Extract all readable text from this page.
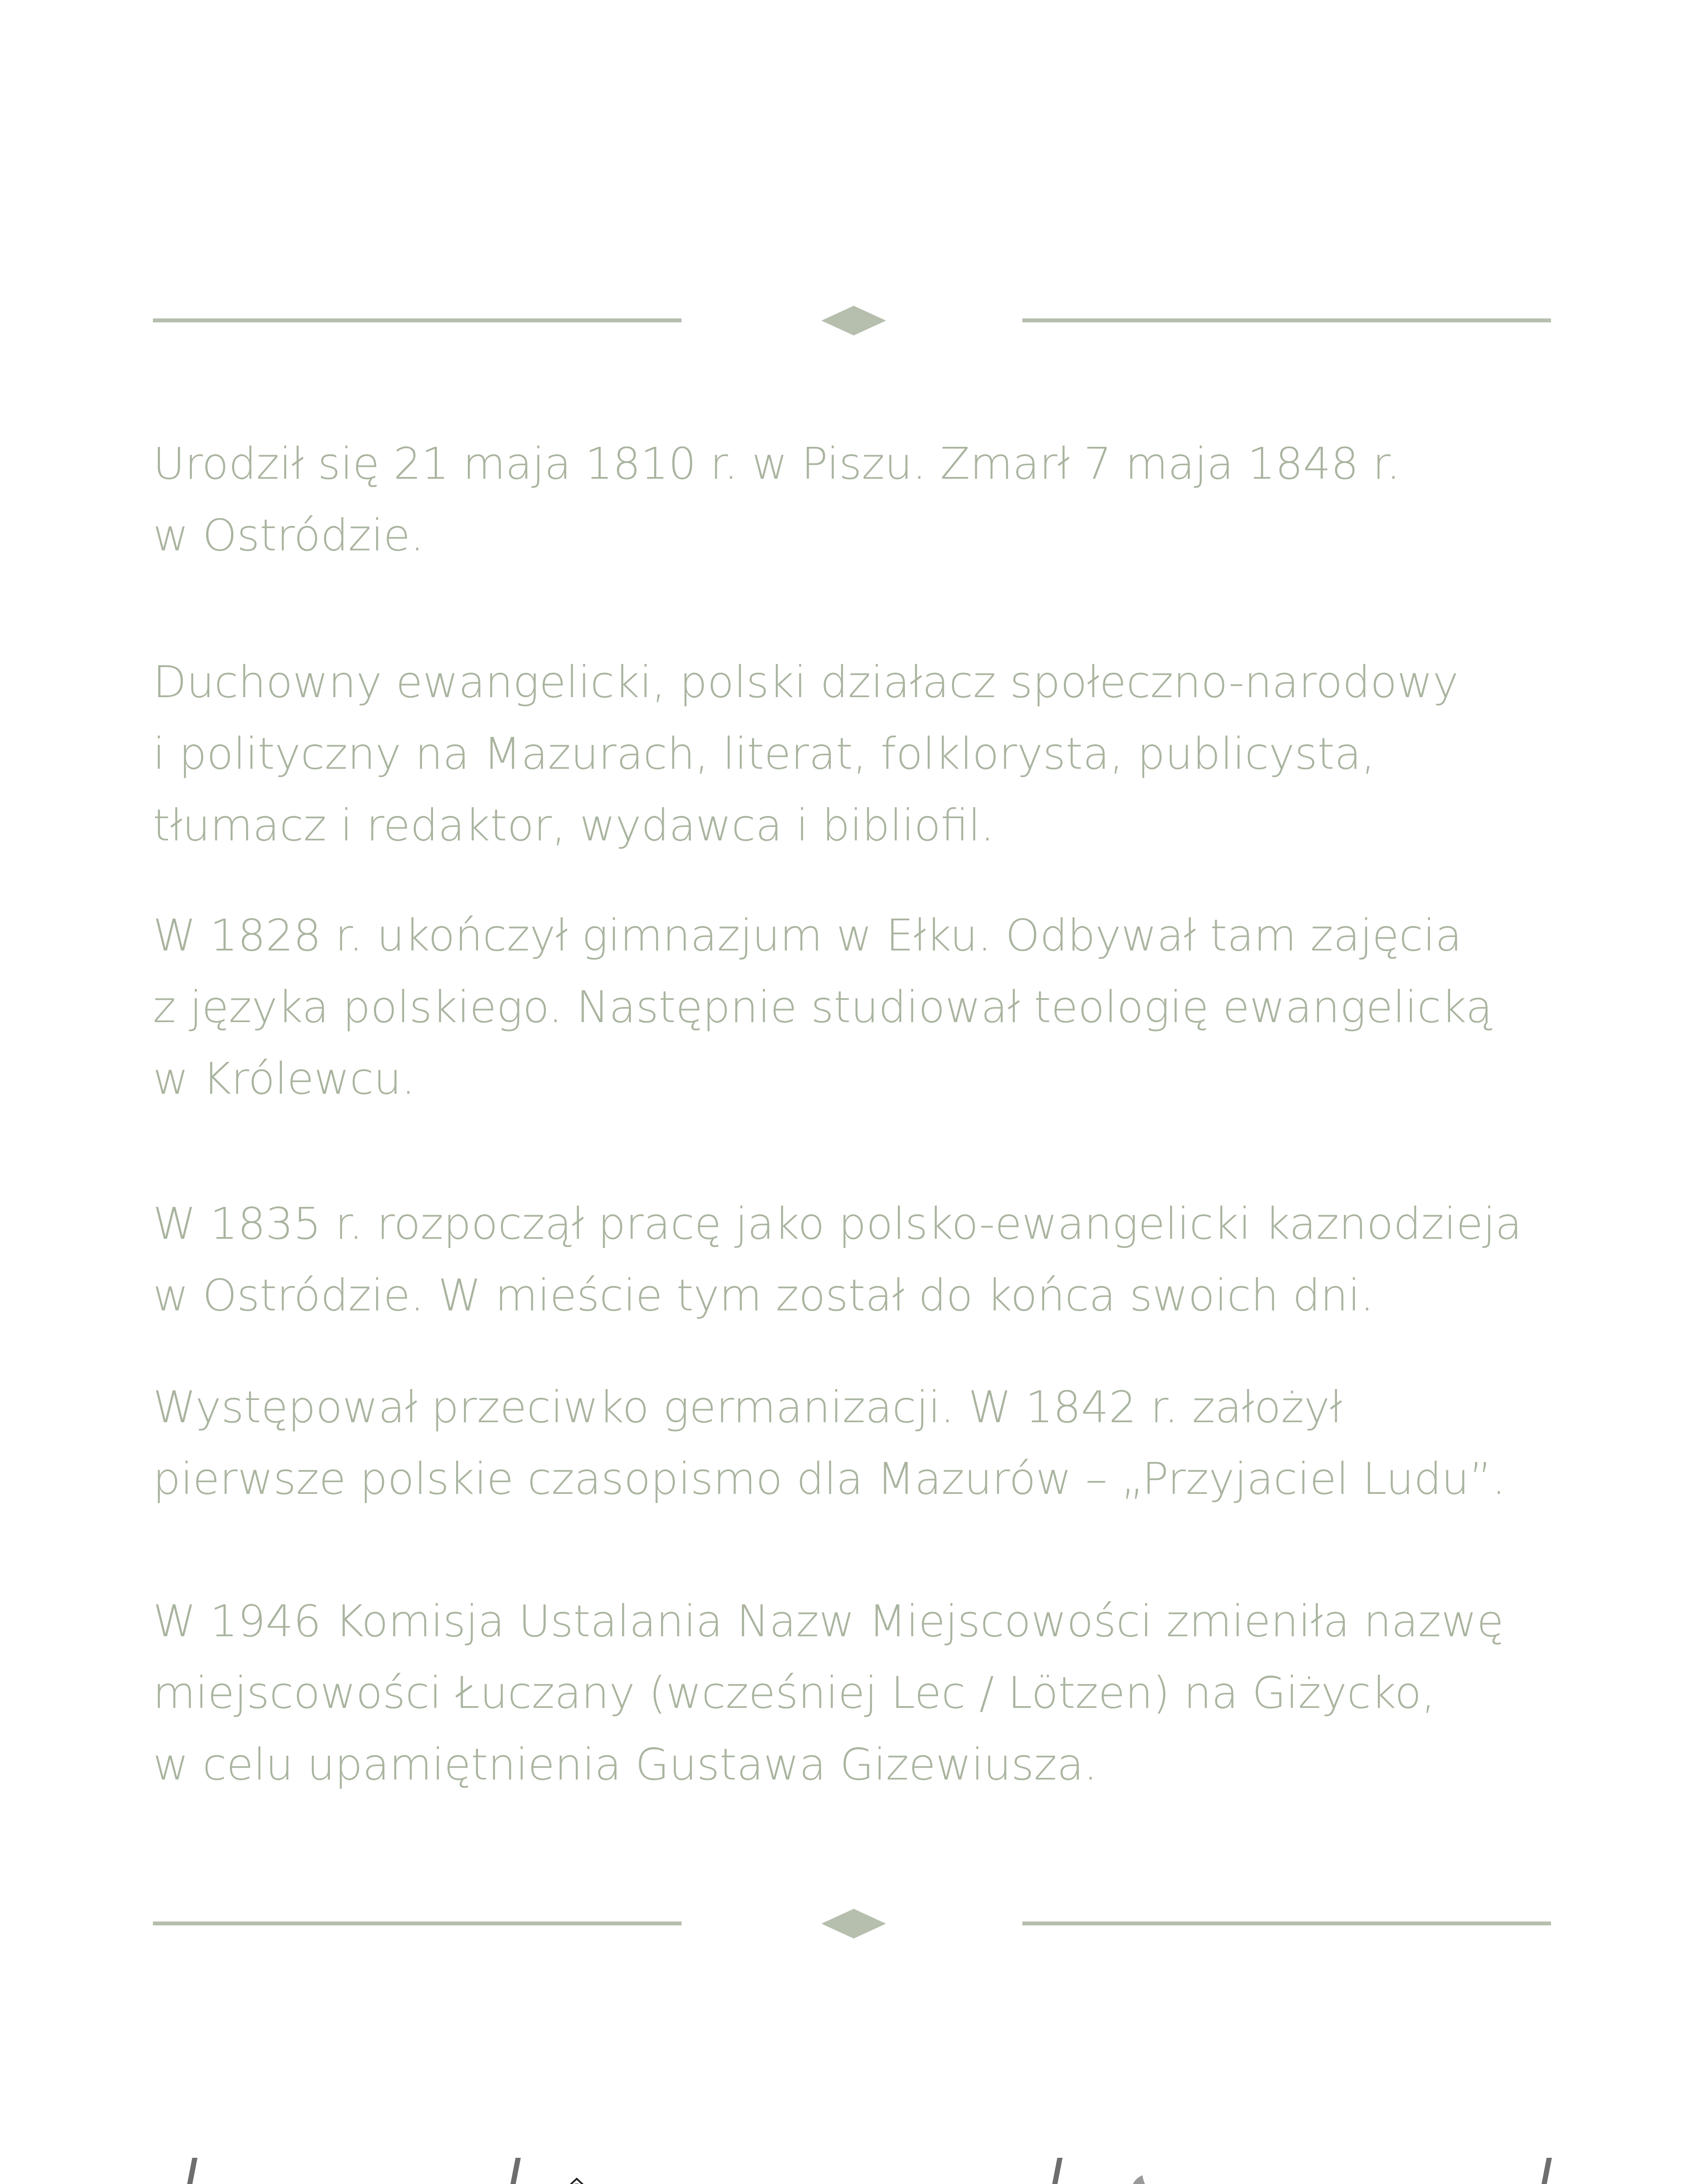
Urodził się 21 maja 1810 r. w Piszu. Zmarł 7 maja 1848 r.
w Ostródzie.

Duchowny ewangelicki, polski działacz społeczno-narodowy
i polityczny na Mazurach, literat, folklorysta, publicysta,
tłumacz i redaktor, wydawca i bibliofil.

W 1828 r. ukończył gimnazjum w Ełku. Odbywał tam zajęcia
z języka polskiego. Następnie studiował teologię ewangelicką
w Królewcu.

W 1835 r. rozpoczął pracę jako polsko-ewangelicki kaznodzieja
w Ostródzie. W mieście tym został do końca swoich dni.

Występował przeciwko germanizacji. W 1842 r. założył
pierwsze polskie czasopismo dla Mazurów – „Przyjaciel Ludu”.

W 1946 Komisja Ustalania Nazw Miejscowości zmieniła nazwę
miejscowości Łuczany (wcześniej Lec / Lötzen) na Giżycko,
w celu upamiętnienia Gustawa Gizewiusza.
